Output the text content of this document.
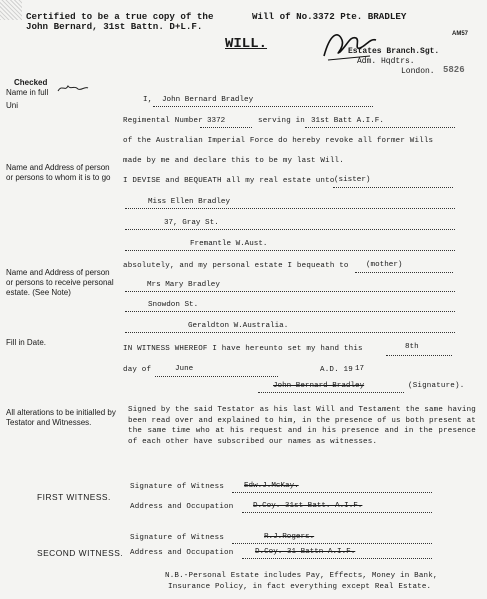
Certified to be a true copy of the
John Bernard, 31st Battn. D+L.F.
Will of No.3372 Pte. BRADLEY
WILL.
AM57
Estates Branch.Sgt.
Adm. Hqdtrs.
London. 5826
Checked
Name in full
Uni
Name and Address of person or persons to whom it is to go
Name and Address of person or persons to receive personal estate. (See Note)
Fill in Date.
All alterations to be initialled by Testator and Witnesses.
FIRST WITNESS.
SECOND WITNESS.
I, John Bernard Bradley
Regimental Number 3372	serving in 31st Batt A.I.F.
of the Australian Imperial Force do hereby revoke all former Wills
made by me and declare this to be my last Will.
I DEVISE and BEQUEATH all my real estate unto (sister)
Miss Ellen Bradley
37, Gray St.
Fremantle W.Aust.
absolutely, and my personal estate I bequeath to (mother)
Mrs Mary Bradley
Snowdon St.
Geraldton W.Australia.
IN WITNESS WHEREOF I have hereunto set my hand this	8th
day of	June	A.D. 19 17
John Bernard Bradley	(Signature).
Signed by the said Testator as his last Will and Testament the same having been read over and explained to him, in the presence of us both present at the same time who at his request and in his presence and in the presence of each other have subscribed our names as witnesses.
Signature of Witness	Edw.J.McKay.
Address and Occupation	D.Coy. 31st Batt. A.I.F.
Signature of Witness	R.J.Rogers.
Address and Occupation	D.Coy. 31 Battn A.I.F.
N.B.-Personal Estate includes Pay, Effects, Money in Bank,
Insurance Policy, in fact everything except Real Estate.
